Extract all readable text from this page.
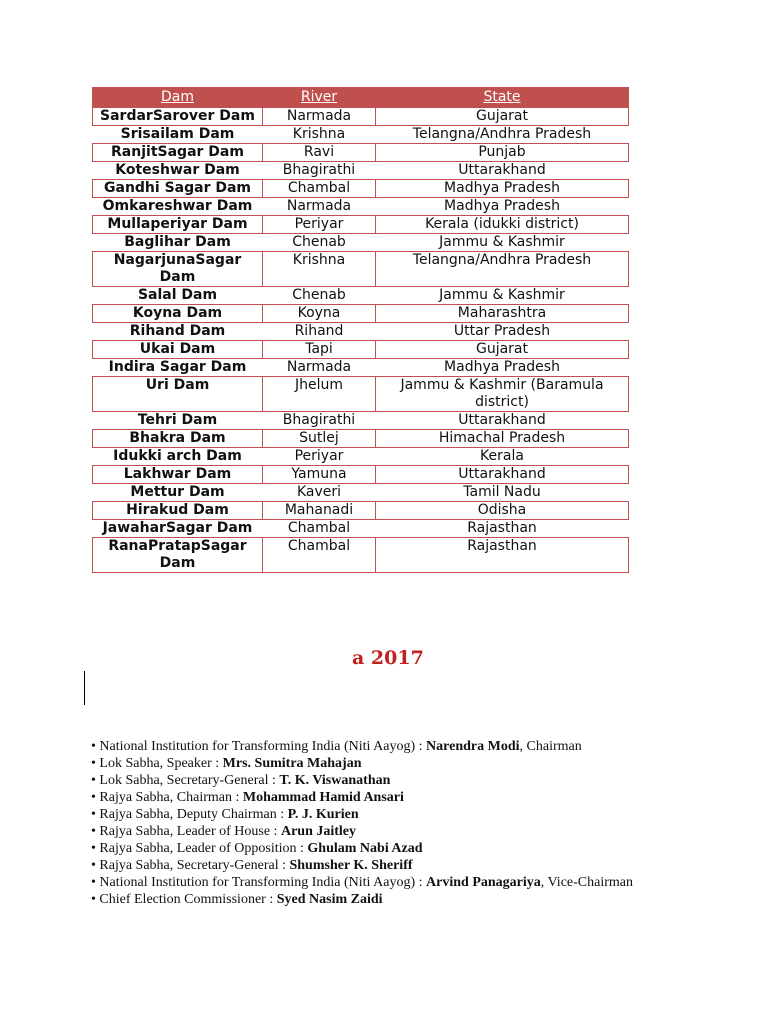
Dam	River	State
SardarSarover Dam	Narmada	Gujarat
Srisailam Dam	Krishna	Telangna/Andhra Pradesh
RanjitSagar Dam	Ravi	Punjab
Koteshwar Dam	Bhagirathi	Uttarakhand
Gandhi Sagar Dam	Chambal	Madhya Pradesh
Omkareshwar Dam	Narmada	Madhya Pradesh
Mullaperiyar Dam	Periyar	Kerala (idukki district)
Baglihar Dam	Chenab	Jammu & Kashmir
NagarjunaSagar Dam	Krishna	Telangna/Andhra Pradesh
Salal Dam	Chenab	Jammu & Kashmir
Koyna Dam	Koyna	Maharashtra
Rihand Dam	Rihand	Uttar Pradesh
Ukai Dam	Tapi	Gujarat
Indira Sagar Dam	Narmada	Madhya Pradesh
Uri Dam	Jhelum	Jammu & Kashmir (Baramula district)
Tehri Dam	Bhagirathi	Uttarakhand
Bhakra Dam	Sutlej	Himachal Pradesh
Idukki arch Dam	Periyar	Kerala
Lakhwar Dam	Yamuna	Uttarakhand
Mettur Dam	Kaveri	Tamil Nadu
Hirakud Dam	Mahanadi	Odisha
JawaharSagar Dam	Chambal	Rajasthan
RanaPratapSagar Dam	Chambal	Rajasthan
a 2017
• National Institution for Transforming India (Niti Aayog) : Narendra Modi, Chairman
• Lok Sabha, Speaker : Mrs. Sumitra Mahajan
• Lok Sabha, Secretary-General : T. K. Viswanathan
• Rajya Sabha, Chairman : Mohammad Hamid Ansari
• Rajya Sabha, Deputy Chairman : P. J. Kurien
• Rajya Sabha, Leader of House : Arun Jaitley
• Rajya Sabha, Leader of Opposition : Ghulam Nabi Azad
• Rajya Sabha, Secretary-General : Shumsher K. Sheriff
• National Institution for Transforming India (Niti Aayog) : Arvind Panagariya, Vice-Chairman
• Chief Election Commissioner : Syed Nasim Zaidi
